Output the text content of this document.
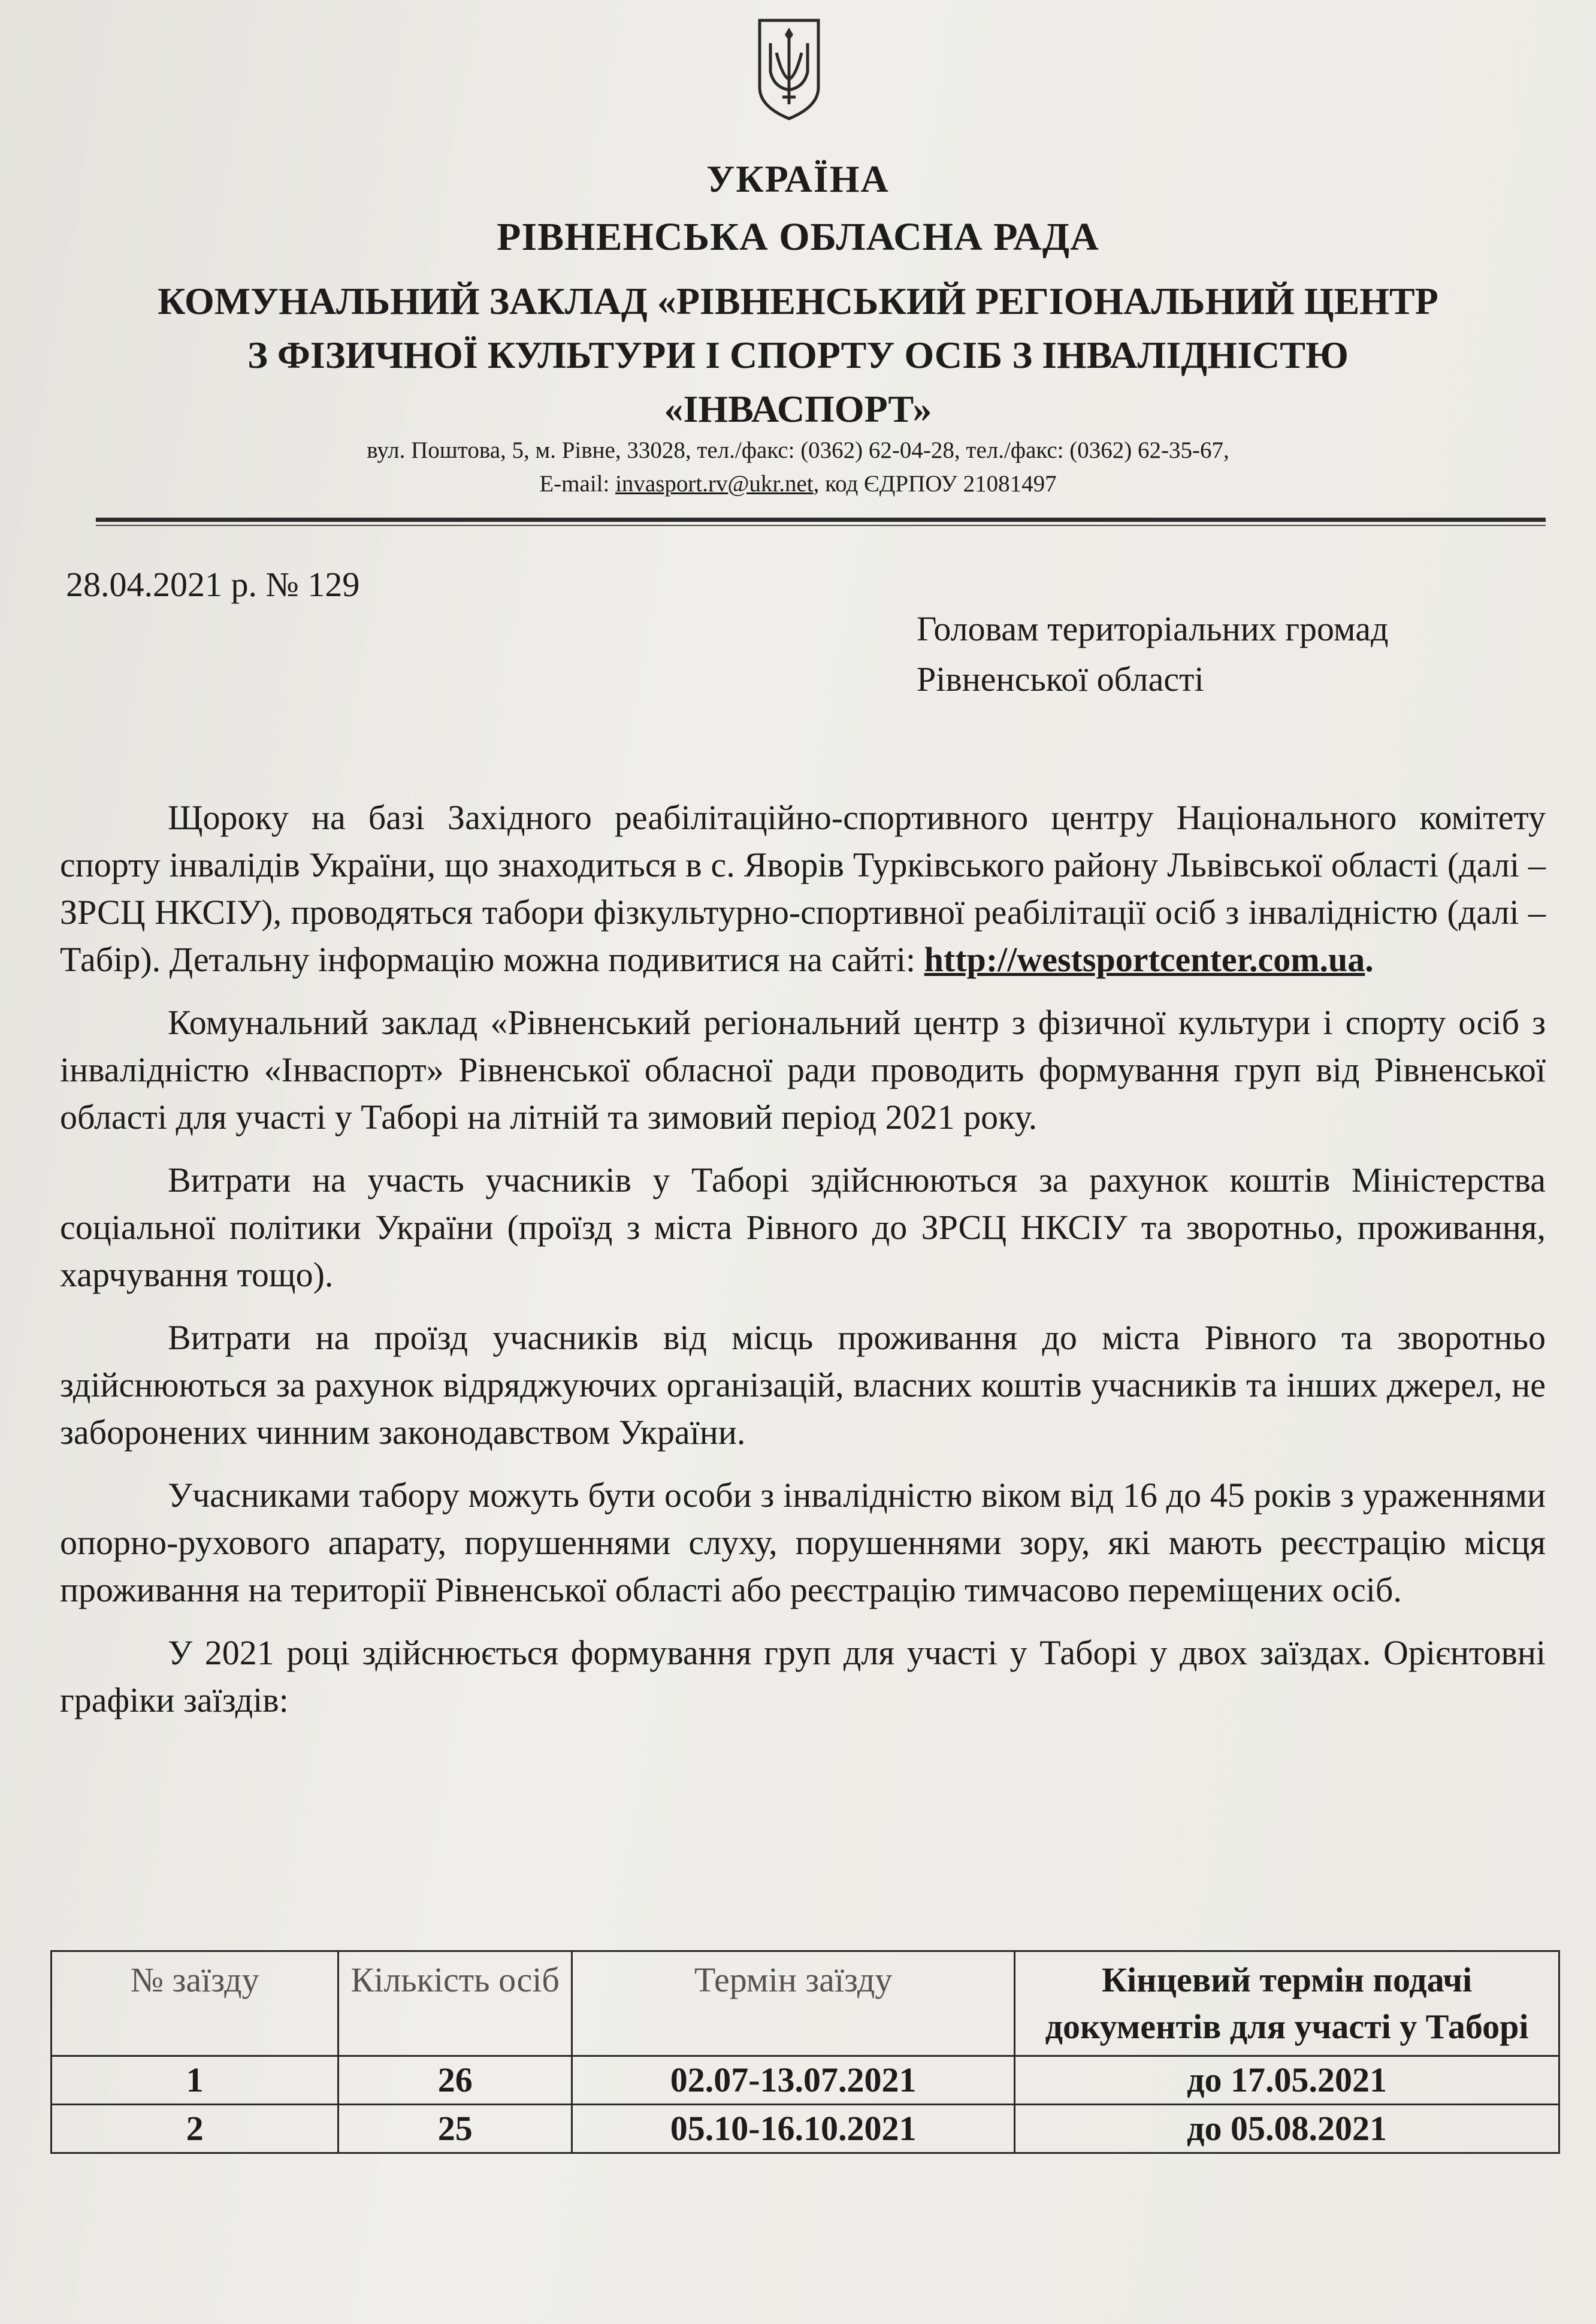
УКРАЇНА
РІВНЕНСЬКА ОБЛАСНА РАДА
КОМУНАЛЬНИЙ ЗАКЛАД «РІВНЕНСЬКИЙ РЕГІОНАЛЬНИЙ ЦЕНТР
З ФІЗИЧНОЇ КУЛЬТУРИ І СПОРТУ ОСІБ З ІНВАЛІДНІСТЮ
«ІНВАСПОРТ»
вул. Поштова, 5, м. Рівне, 33028, тел./факс: (0362) 62-04-28, тел./факс: (0362) 62-35-67,
E-mail: invasport.rv@ukr.net, код ЄДРПОУ 21081497
28.04.2021 р. № 129
Головам територіальних громад
Рівненської області

Щороку на базі Західного реабілітаційно-спортивного центру Національного комітету спорту інвалідів України, що знаходиться в с. Яворів Турківського району Львівської області (далі – ЗРСЦ НКСІУ), проводяться табори фізкультурно-спортивної реабілітації осіб з інвалідністю (далі – Табір). Детальну інформацію можна подивитися на сайті: http://westsportcenter.com.ua.

Комунальний заклад «Рівненський регіональний центр з фізичної культури і спорту осіб з інвалідністю «Інваспорт» Рівненської обласної ради проводить формування груп від Рівненської області для участі у Таборі на літній та зимовий період 2021 року.

Витрати на участь учасників у Таборі здійснюються за рахунок коштів Міністерства соціальної політики України (проїзд з міста Рівного до ЗРСЦ НКСІУ та зворотньо, проживання, харчування тощо).

Витрати на проїзд учасників від місць проживання до міста Рівного та зворотньо здійснюються за рахунок відряджуючих організацій, власних коштів учасників та інших джерел, не заборонених чинним законодавством України.

Учасниками табору можуть бути особи з інвалідністю віком від 16 до 45 років з ураженнями опорно-рухового апарату, порушеннями слуху, порушеннями зору, які мають реєстрацію місця проживання на території Рівненської області або реєстрацію тимчасово переміщених осіб.

У 2021 році здійснюється формування груп для участі у Таборі у двох заїздах. Орієнтовні графіки заїздів:

№ заїзду	Кількість осіб	Термін заїзду	Кінцевий термін подачі документів для участі у Таборі
1	26	02.07-13.07.2021	до 17.05.2021
2	25	05.10-16.10.2021	до 05.08.2021
